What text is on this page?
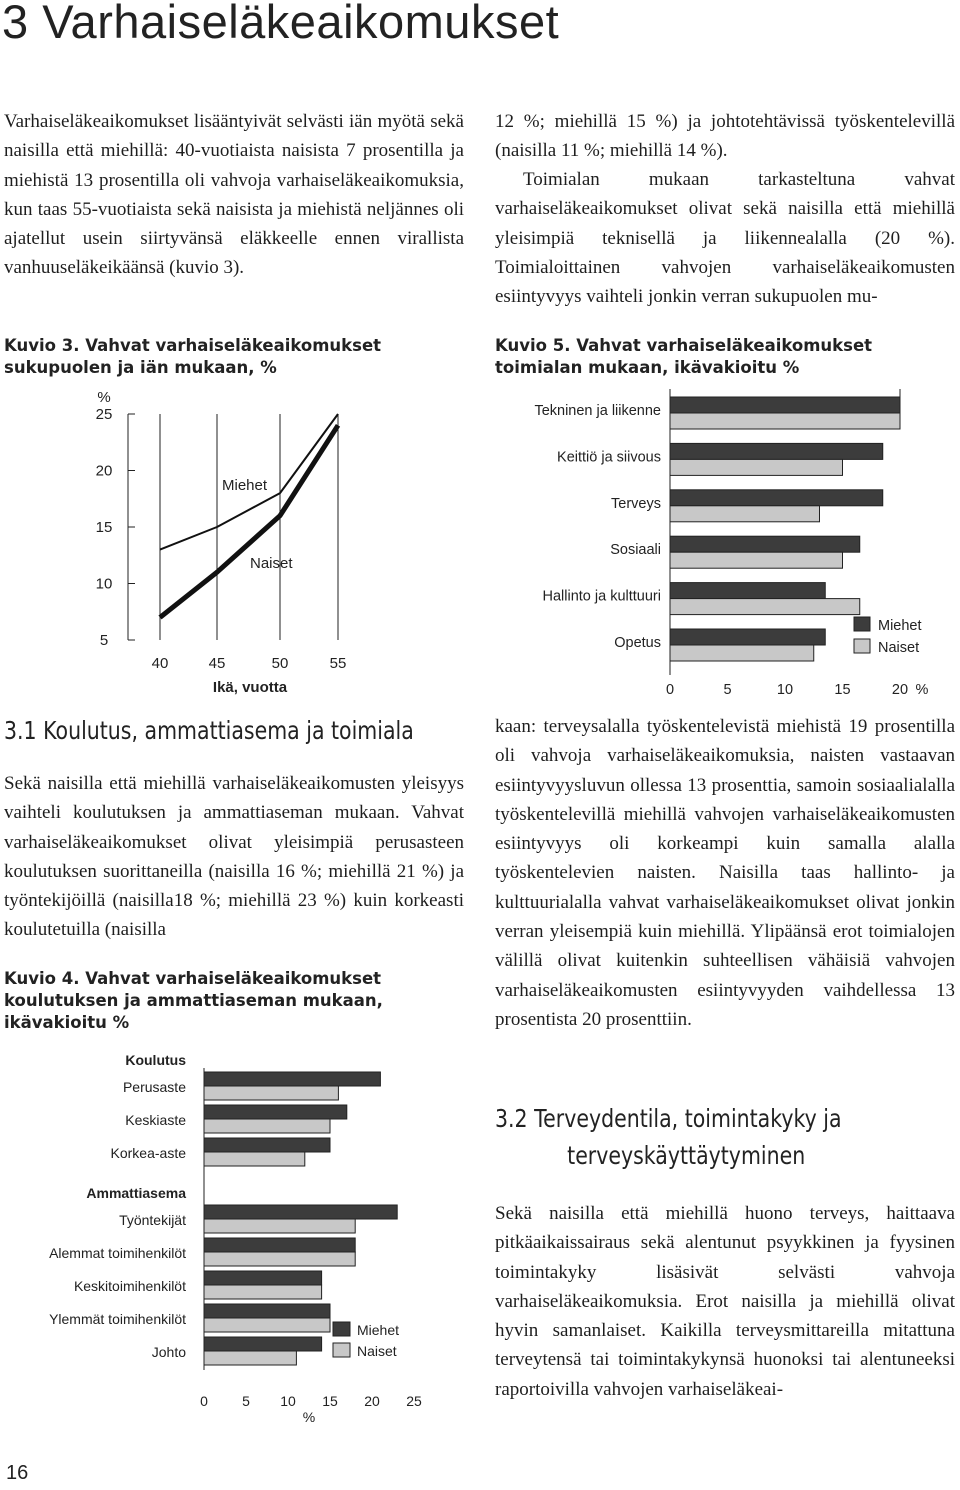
3 Varhaiseläkeaikomukset

Varhaiseläkeaikomukset lisääntyivät selvästi iän myötä sekä naisilla että miehillä: 40-vuotiaista naisista 7 prosentilla ja miehistä 13 prosentilla oli vahvoja varhaiseläkeaikomuksia, kun taas 55-vuotiaista sekä naisista ja miehistä neljännes oli ajatellut usein siirtyvänsä eläkkeelle ennen virallista vanhuuseläkeikäänsä (kuvio 3).

Kuvio 3. Vahvat varhaiseläkeaikomukset
sukupuolen ja iän mukaan, %
%
5
10
15
20
25
40	45	50	55
Ikä, vuotta
Miehet
Naiset
3.1 Koulutus, ammattiasema ja toimiala

Sekä naisilla että miehillä varhaiseläkeaikomusten yleisyys vaihteli koulutuksen ja ammattiaseman mukaan. Vahvat varhaiseläkeaikomukset olivat yleisimpiä perusasteen koulutuksen suorittaneilla (naisilla 16 %; miehillä 21 %) ja työntekijöillä (naisilla18 %; miehillä 23 %) kuin korkeasti koulutetuilla (naisilla

Kuvio 4. Vahvat varhaiseläkeaikomukset
koulutuksen ja ammattiaseman mukaan,
ikävakioitu %
Koulutus
Ammattiasema
Perusaste
Keskiaste
Korkea-aste
Työntekijät
Alemmat toimihenkilöt
Keskitoimihenkilöt
Ylemmät toimihenkilöt
Johto
0 5 10 15 20 25
%
Miehet
Naiset

12 %; miehillä 15 %) ja johtotehtävissä työskentelevillä (naisilla 11 %; miehillä 14 %).

Toimialan mukaan tarkasteltuna vahvat varhaiseläkeaikomukset olivat sekä naisilla että miehillä yleisimpiä teknisellä ja liikennealalla (20 %). Toimialoittainen vahvojen varhaiseläkeaikomusten esiintyvyys vaihteli jonkin verran sukupuolen mu-

Kuvio 5. Vahvat varhaiseläkeaikomukset
toimialan mukaan, ikävakioitu %
Tekninen ja liikenne
Keittiö ja siivous
Terveys
Sosiaali
Hallinto ja kulttuuri
Opetus
0	5	10	15	20 %
Miehet
Naiset

kaan: terveysalalla työskentelevistä miehistä 19 prosentilla oli vahvoja varhaiseläkeaikomuksia, naisten vastaavan esiintyvyysluvun ollessa 13 prosenttia, samoin sosiaalialalla työskentelevillä miehillä vahvojen varhaiseläkeaikomusten esiintyvyys oli korkeampi kuin samalla alalla työskentelevien naisten. Naisilla taas hallinto- ja kulttuurialalla vahvat varhaiseläkeaikomukset olivat jonkin verran yleisempiä kuin miehillä. Ylipäänsä erot toimialojen välillä olivat kuitenkin suhteellisen vähäisiä vahvojen varhaiseläkeaikomusten esiintyvyyden vaihdellessa 13 prosentista 20 prosenttiin.

3.2 Terveydentila, toimintakyky ja
terveyskäyttäytyminen

Sekä naisilla että miehillä huono terveys, haittaava pitkäaikaissairaus sekä alentunut psyykkinen ja fyysinen toimintakyky lisäsivät selvästi vahvoja varhaiseläkeaikomuksia. Erot naisilla ja miehillä olivat hyvin samanlaiset. Kaikilla terveysmittareilla mitattuna terveytensä tai toimintakykynsä huonoksi tai alentuneeksi raportoivilla vahvojen varhaiseläkeai-

16
